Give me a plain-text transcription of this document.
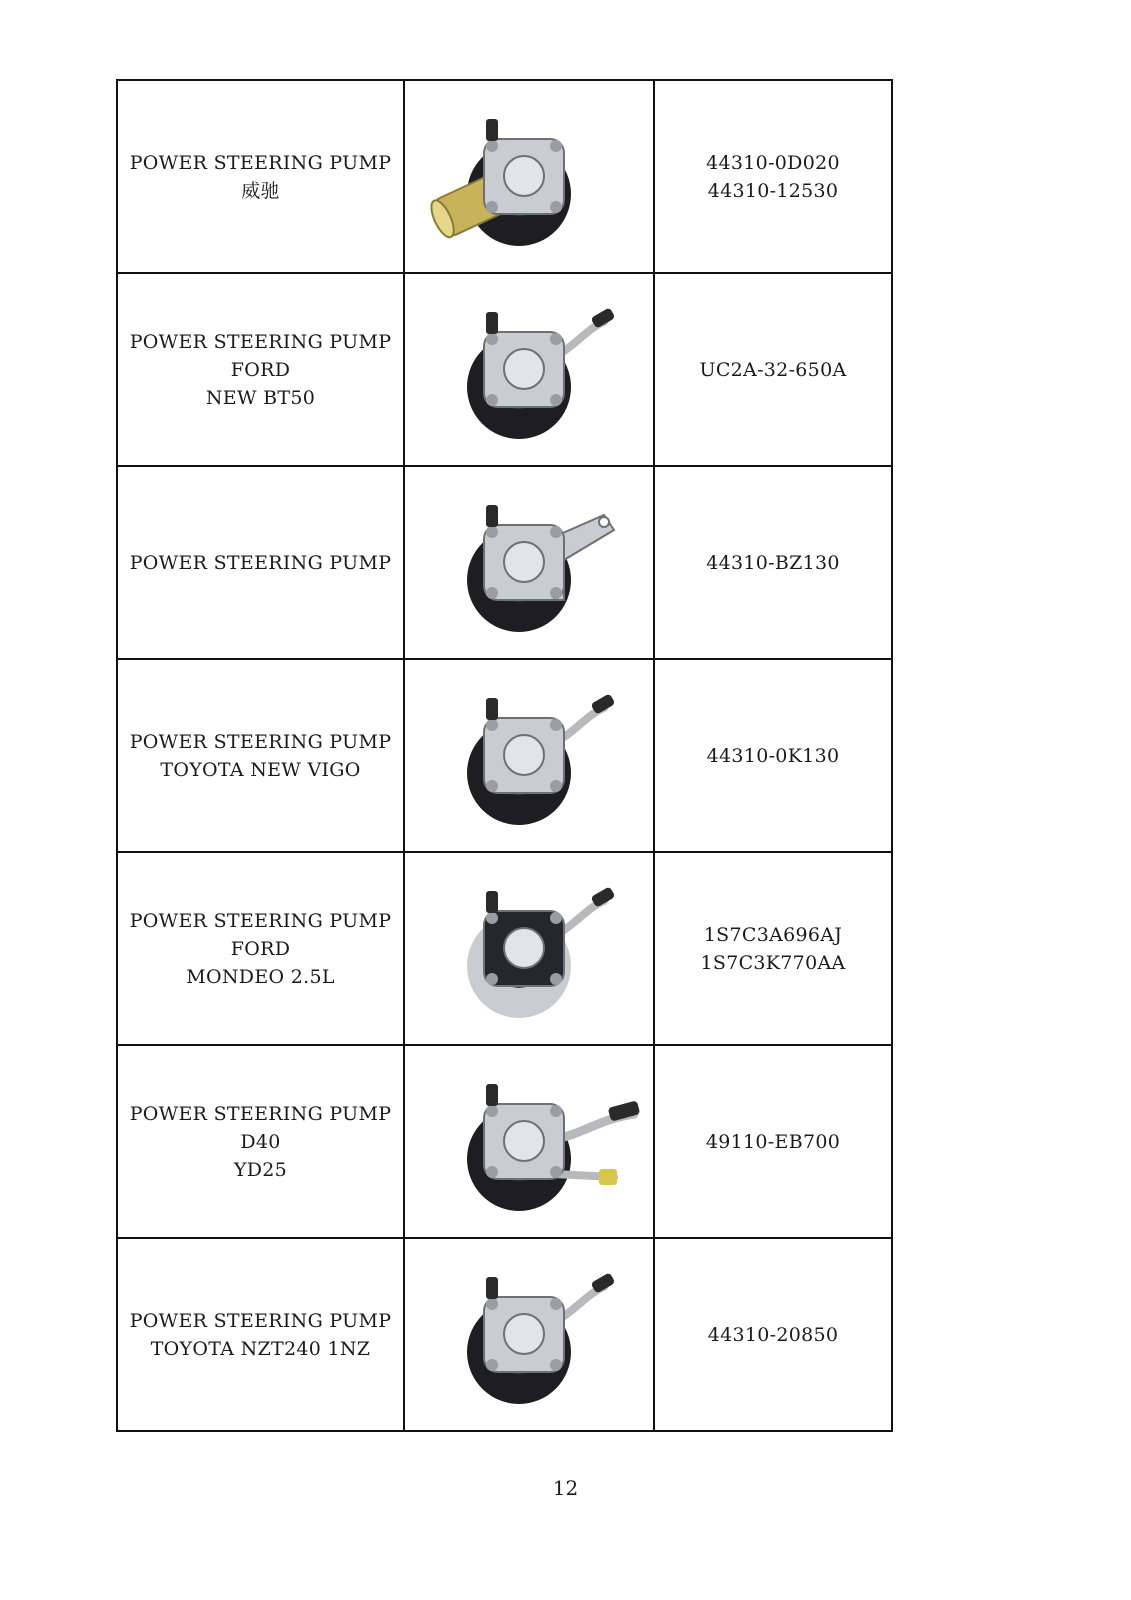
POWER STEERING PUMP 威驰		44310-0D020
44310-12530

POWER STEERING PUMP FORD
NEW BT50		UC2A-32-650A

POWER STEERING PUMP		44310-BZ130

POWER STEERING PUMP
TOYOTA NEW VIGO		44310-0K130

POWER STEERING PUMP FORD
MONDEO 2.5L		1S7C3A696AJ
1S7C3K770AA

POWER STEERING PUMP D40
YD25		49110-EB700

POWER STEERING PUMP
TOYOTA NZT240 1NZ		44310-20850
12
